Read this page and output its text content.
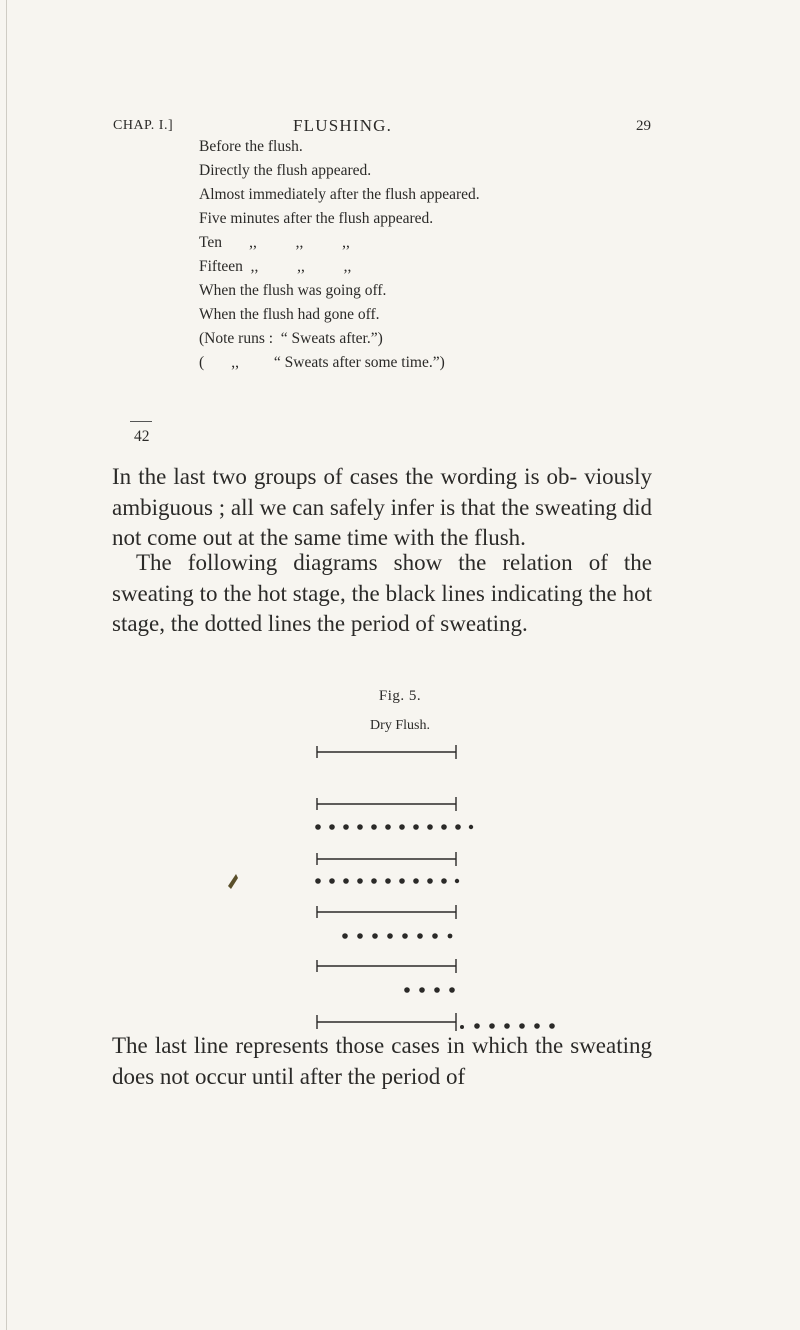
CHAP. I.]	FLUSHING.	29
Before the flush.
Directly the flush appeared.
Almost immediately after the flush appeared.
Five minutes after the flush appeared.
Ten       ,,          ,,          ,,
Fifteen  ,,          ,,          ,,
When the flush was going off.
When the flush had gone off.
(Note runs :  “ Sweats after.”)
(       ,,         “ Sweats after some time.”)
42

In the last two groups of cases the wording is ob- viously ambiguous ; all we can safely infer is that the sweating did not come out at the same time with the flush.

The following diagrams show the relation of the sweating to the hot stage, the black lines indicating the hot stage, the dotted lines the period of sweating.

Fig. 5.
Dry Flush.

The last line represents those cases in which the sweating does not occur until after the period of
